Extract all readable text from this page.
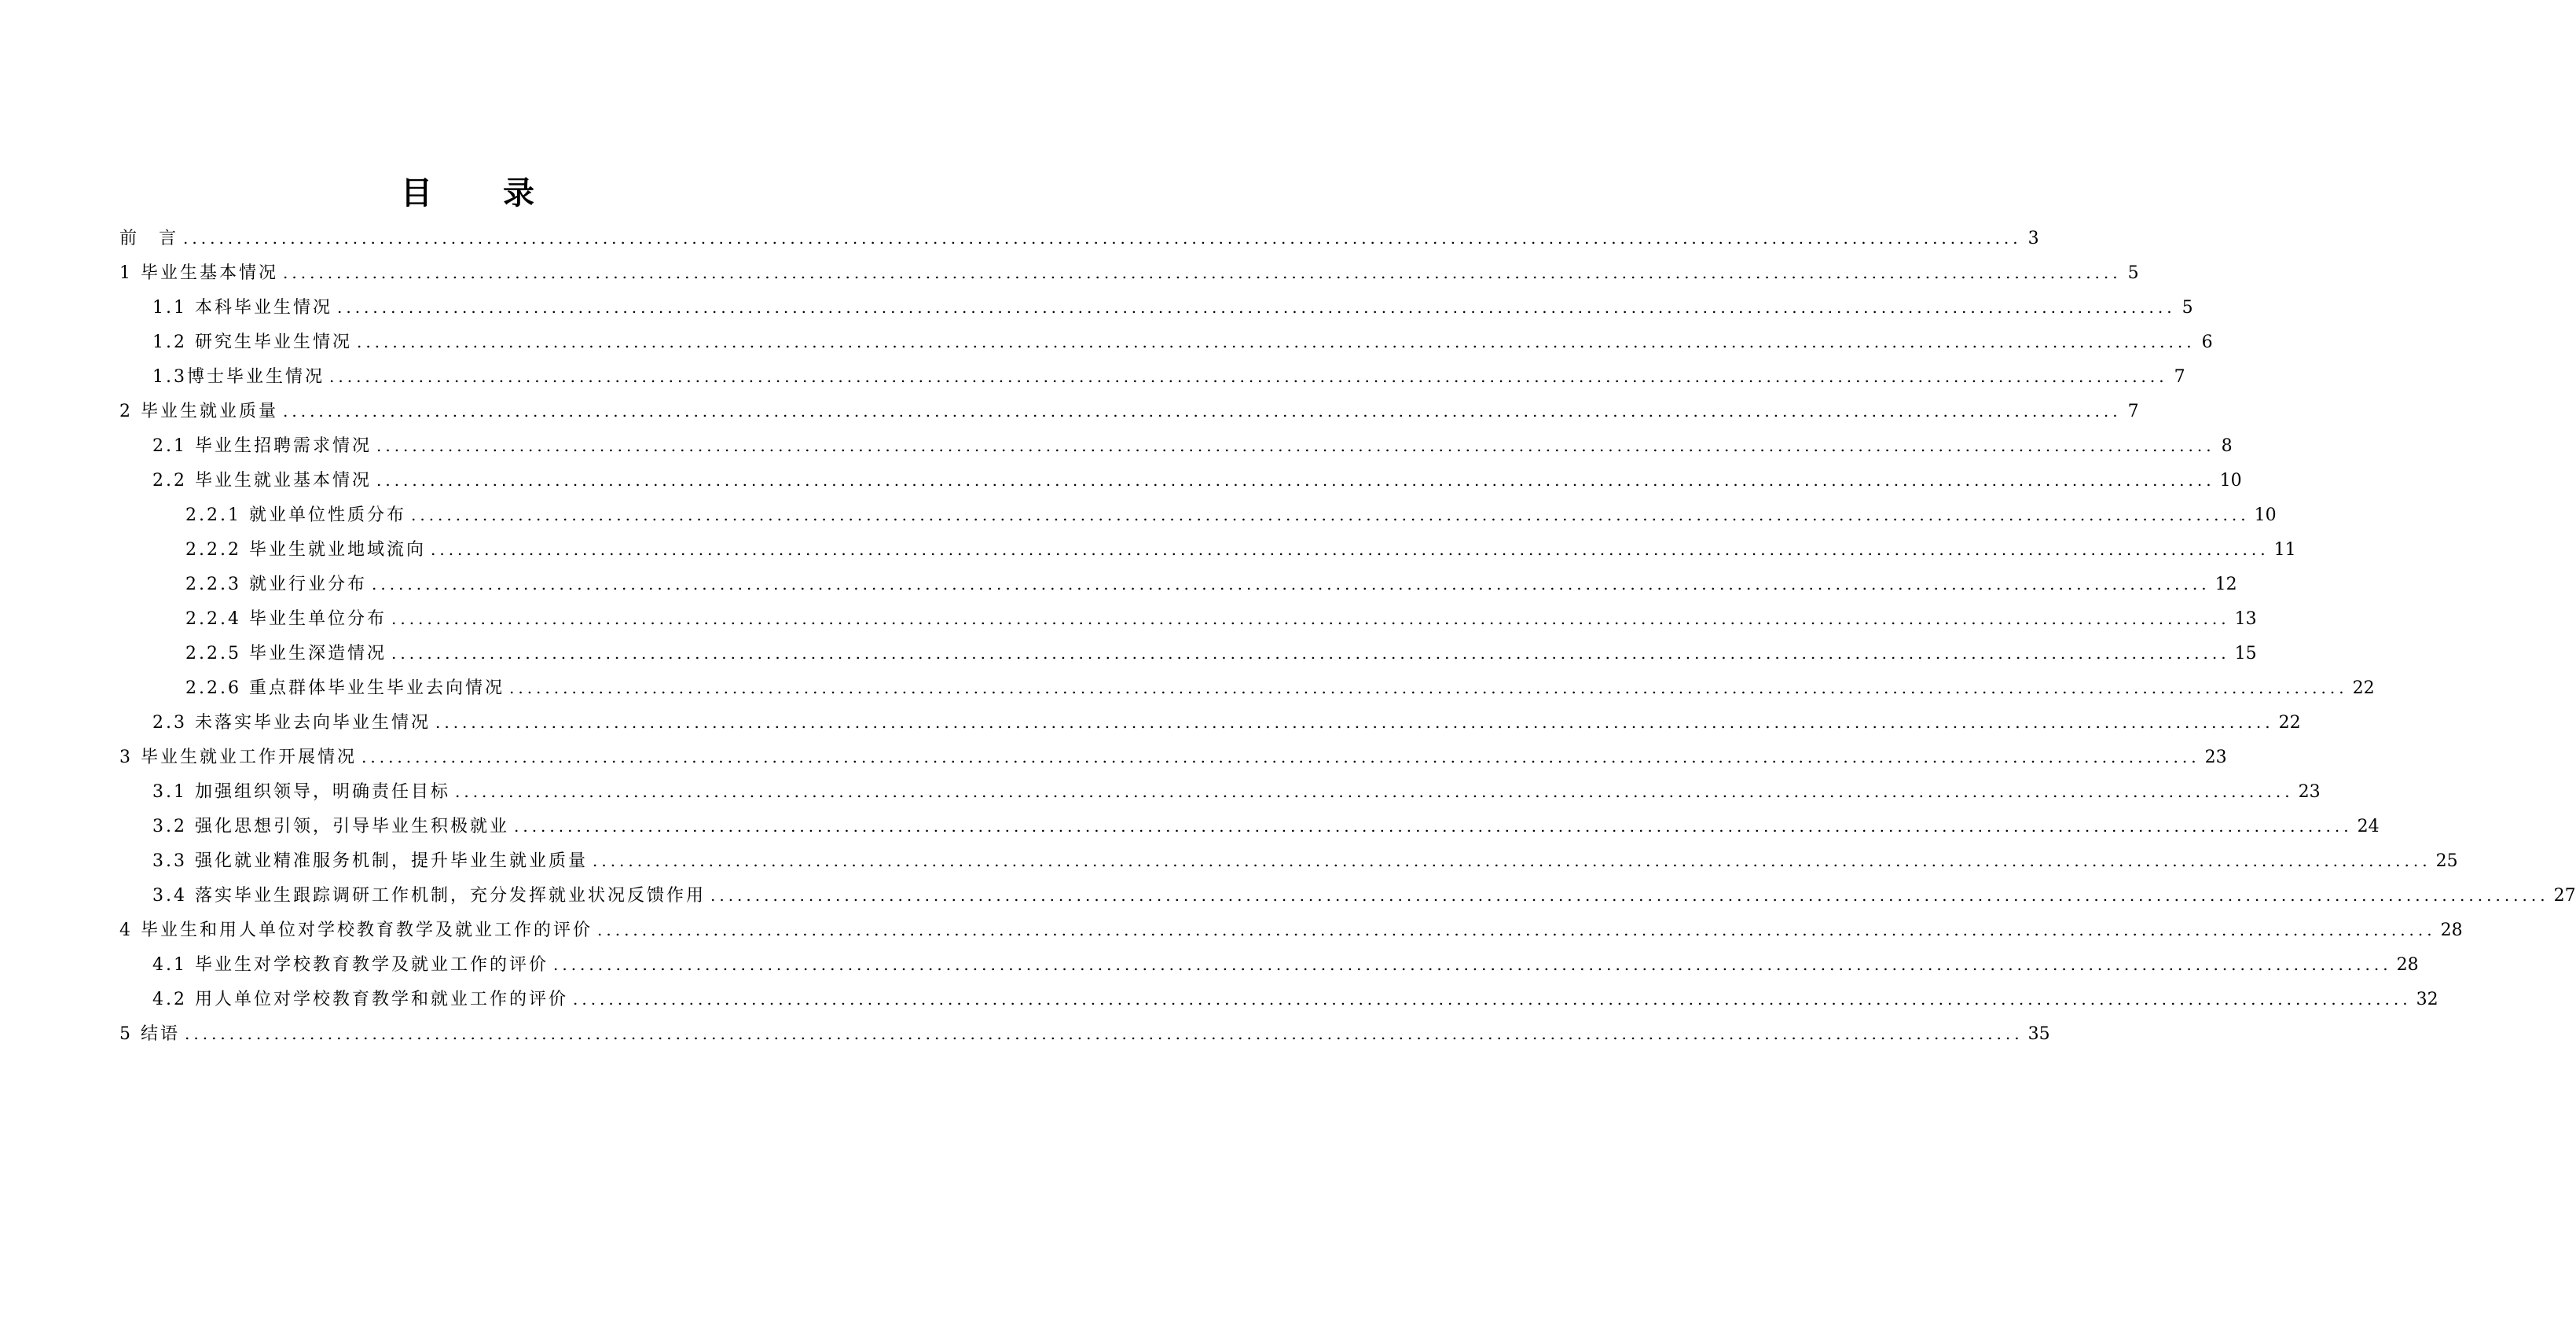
目 录
前　言 .............................................................................................................................................................................................................. 3
1 毕业生基本情况 .............................................................................................................................................................................................................. 5
1.1 本科毕业生情况 .............................................................................................................................................................................................................. 5
1.2 研究生毕业生情况 .............................................................................................................................................................................................................. 6
1.3博士毕业生情况 .............................................................................................................................................................................................................. 7
2 毕业生就业质量 .............................................................................................................................................................................................................. 7
2.1 毕业生招聘需求情况 .............................................................................................................................................................................................................. 8
2.2 毕业生就业基本情况 .............................................................................................................................................................................................................. 10
2.2.1 就业单位性质分布 .............................................................................................................................................................................................................. 10
2.2.2 毕业生就业地域流向 .............................................................................................................................................................................................................. 11
2.2.3 就业行业分布 .............................................................................................................................................................................................................. 12
2.2.4 毕业生单位分布 .............................................................................................................................................................................................................. 13
2.2.5 毕业生深造情况 .............................................................................................................................................................................................................. 15
2.2.6 重点群体毕业生毕业去向情况 .............................................................................................................................................................................................................. 22
2.3 未落实毕业去向毕业生情况 .............................................................................................................................................................................................................. 22
3 毕业生就业工作开展情况 .............................................................................................................................................................................................................. 23
3.1 加强组织领导，明确责任目标 .............................................................................................................................................................................................................. 23
3.2 强化思想引领，引导毕业生积极就业 .............................................................................................................................................................................................................. 24
3.3 强化就业精准服务机制，提升毕业生就业质量 .............................................................................................................................................................................................................. 25
3.4 落实毕业生跟踪调研工作机制，充分发挥就业状况反馈作用 .............................................................................................................................................................................................................. 27
4 毕业生和用人单位对学校教育教学及就业工作的评价 .............................................................................................................................................................................................................. 28
4.1 毕业生对学校教育教学及就业工作的评价 .............................................................................................................................................................................................................. 28
4.2 用人单位对学校教育教学和就业工作的评价 .............................................................................................................................................................................................................. 32
5 结语 .............................................................................................................................................................................................................. 35
